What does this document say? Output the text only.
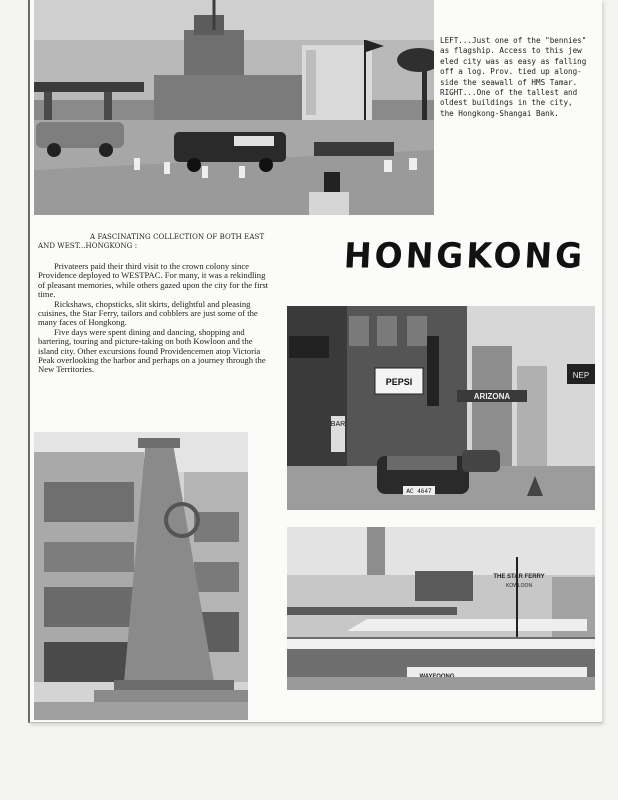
LEFT...Just one of the "bennies"
as flagship. Access to this jew
eled city was as easy as falling
off a log. Prov. tied up along-
side the seawall of HMS Tamar.
RIGHT...One of the tallest and
oldest buildings in the city,
the Hongkong-Shangai Bank.
A FASCINATING COLLECTION OF BOTH EAST
AND WEST...HONGKONG :	HONGKONG

Privateers paid their third visit to the crown colony since Providence deployed to WESTPAC. For many, it was a rekindling of pleasant memories, while others gazed upon the city for the first time.

Rickshaws, chopsticks, slit skirts, delightful and pleasing cuisines, the Star Ferry, tailors and cobblers are just some of the many faces of Hongkong.

Five days were spent dining and dancing, shopping and bartering, touring and picture-taking on both Kowloon and the island city. Other excursions found Providencemen atop Victoria Peak overlooking the harbor and perhaps on a journey through the New Territories.

PEPSI
ARIZONA
BAR
NEP
AC 4647
THE STAR FERRY
KOWLOON
